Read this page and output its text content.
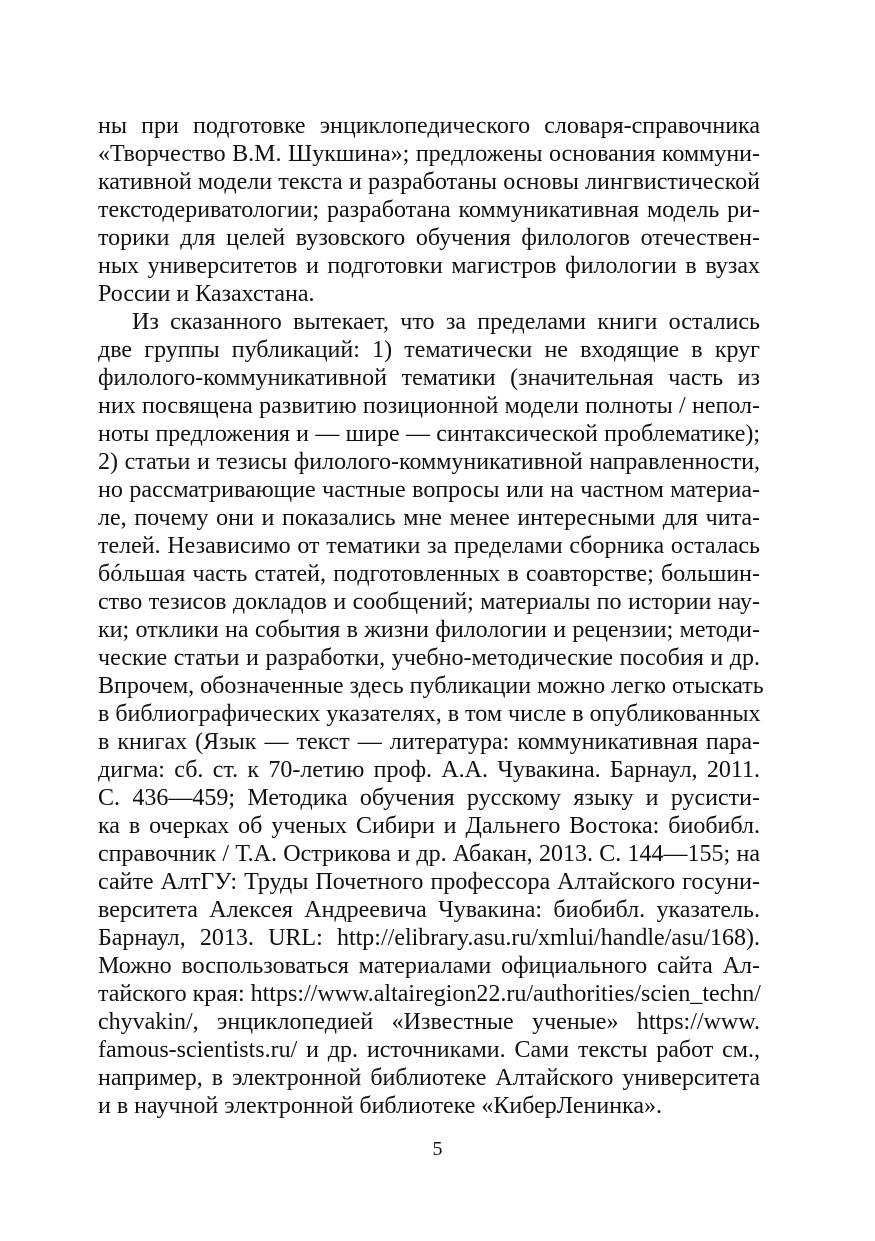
ны при подготовке энциклопедического словаря-справочника
«Творчество В.М. Шукшина»; предложены основания коммуни-
кативной модели текста и разработаны основы лингвистической
текстодериватологии; разработана коммуникативная модель ри-
торики для целей вузовского обучения филологов отечествен-
ных университетов и подготовки магистров филологии в вузах
России и Казахстана.
Из сказанного вытекает, что за пределами книги остались
две группы публикаций: 1) тематически не входящие в круг
филолого-коммуникативной тематики (значительная часть из
них посвящена развитию позиционной модели полноты / непол-
ноты предложения и — шире — синтаксической проблематике);
2) статьи и тезисы филолого-коммуникативной направленности,
но рассматривающие частные вопросы или на частном материа-
ле, почему они и показались мне менее интересными для чита-
телей. Независимо от тематики за пределами сборника осталась
бóльшая часть статей, подготовленных в соавторстве; большин-
ство тезисов докладов и сообщений; материалы по истории нау-
ки; отклики на события в жизни филологии и рецензии; методи-
ческие статьи и разработки, учебно-методические пособия и др.
Впрочем, обозначенные здесь публикации можно легко отыскать
в библиографических указателях, в том числе в опубликованных
в книгах (Язык — текст — литература: коммуникативная пара-
дигма: сб. ст. к 70-летию проф. А.А. Чувакина. Барнаул, 2011.
С. 436—459; Методика обучения русскому языку и русисти-
ка в очерках об ученых Сибири и Дальнего Востока: биобибл.
справочник / Т.А. Острикова и др. Абакан, 2013. С. 144—155; на
сайте АлтГУ: Труды Почетного профессора Алтайского госуни-
верситета Алексея Андреевича Чувакина: биобибл. указатель.
Барнаул, 2013. URL: http://elibrary.asu.ru/xmlui/handle/asu/168).
Можно воспользоваться материалами официального сайта Ал-
тайского края: https://www.altairegion22.ru/authorities/scien_techn/
chyvakin/, энциклопедией «Известные ученые» https://www.
famous-scientists.ru/ и др. источниками. Сами тексты работ см.,
например, в электронной библиотеке Алтайского университета
и в научной электронной библиотеке «КиберЛенинка».
5
